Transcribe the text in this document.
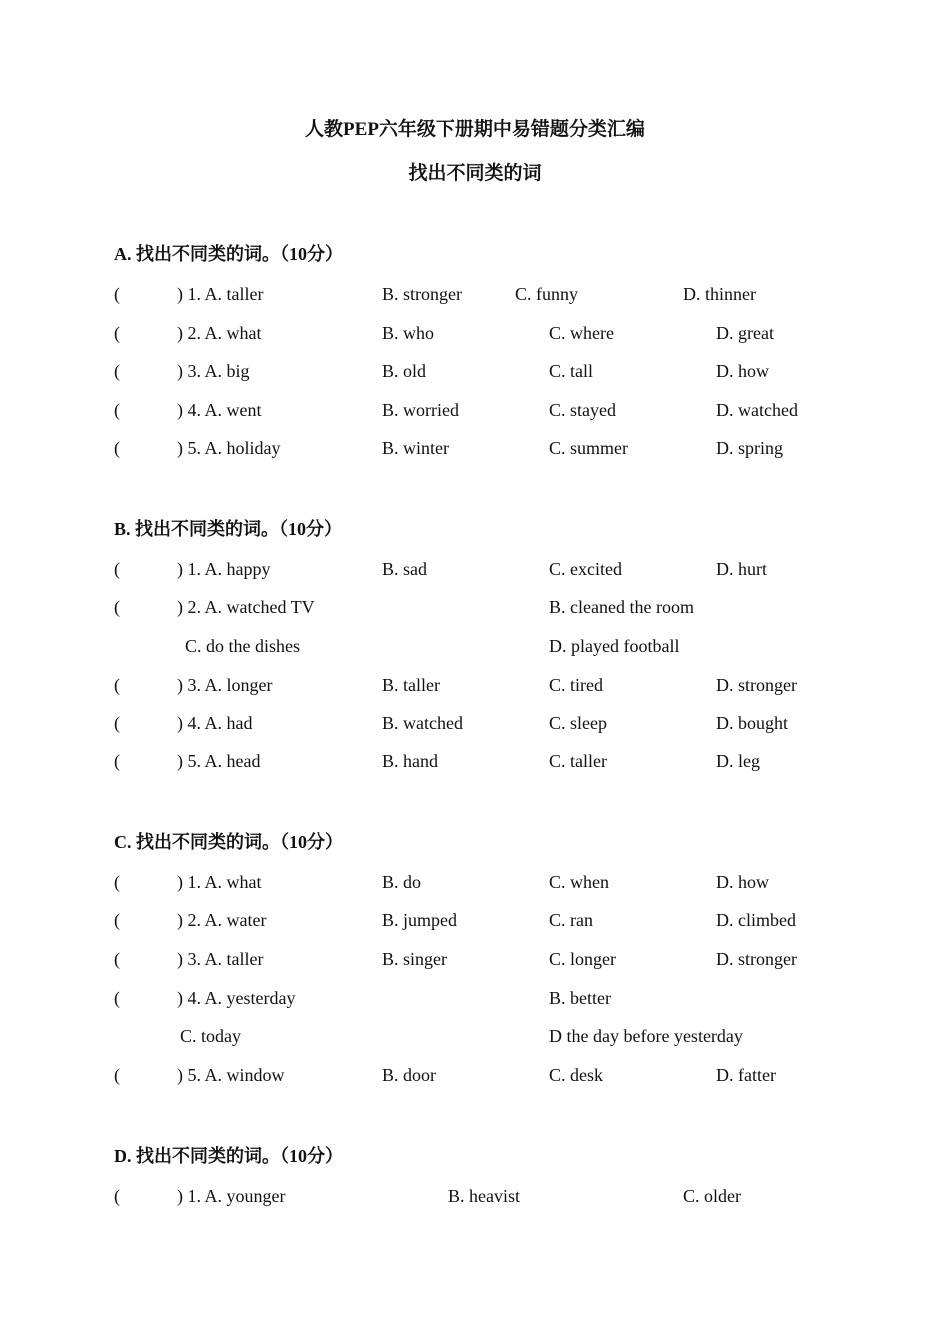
人教PEP六年级下册期中易错题分类汇编
找出不同类的词
A. 找出不同类的词。（10分）
(	) 1. A. taller	B. stronger	C. funny	D. thinner
(	) 2. A. what	B. who	C. where	D. great
(	) 3. A. big	B. old	C. tall	D. how
(	) 4. A. went	B. worried	C. stayed	D. watched
(	) 5. A. holiday	B. winter	C. summer	D. spring
B. 找出不同类的词。（10分）
(	) 1. A. happy	B. sad	C. excited	D. hurt
(	) 2. A. watched TV	B. cleaned the room
C. do the dishes	D. played football
(	) 3. A. longer	B. taller	C. tired	D. stronger
(	) 4. A. had	B. watched	C. sleep	D. bought
(	) 5. A. head	B. hand	C. taller	D. leg
C. 找出不同类的词。（10分）
(	) 1. A. what	B. do	C. when	D. how
(	) 2. A. water	B. jumped	C. ran	D. climbed
(	) 3. A. taller	B. singer	C. longer	D. stronger
(	) 4. A. yesterday	B. better
C. today	D the day before yesterday
(	) 5. A. window	B. door	C. desk	D. fatter
D. 找出不同类的词。（10分）
(	) 1. A. younger	B. heavist	C. older
